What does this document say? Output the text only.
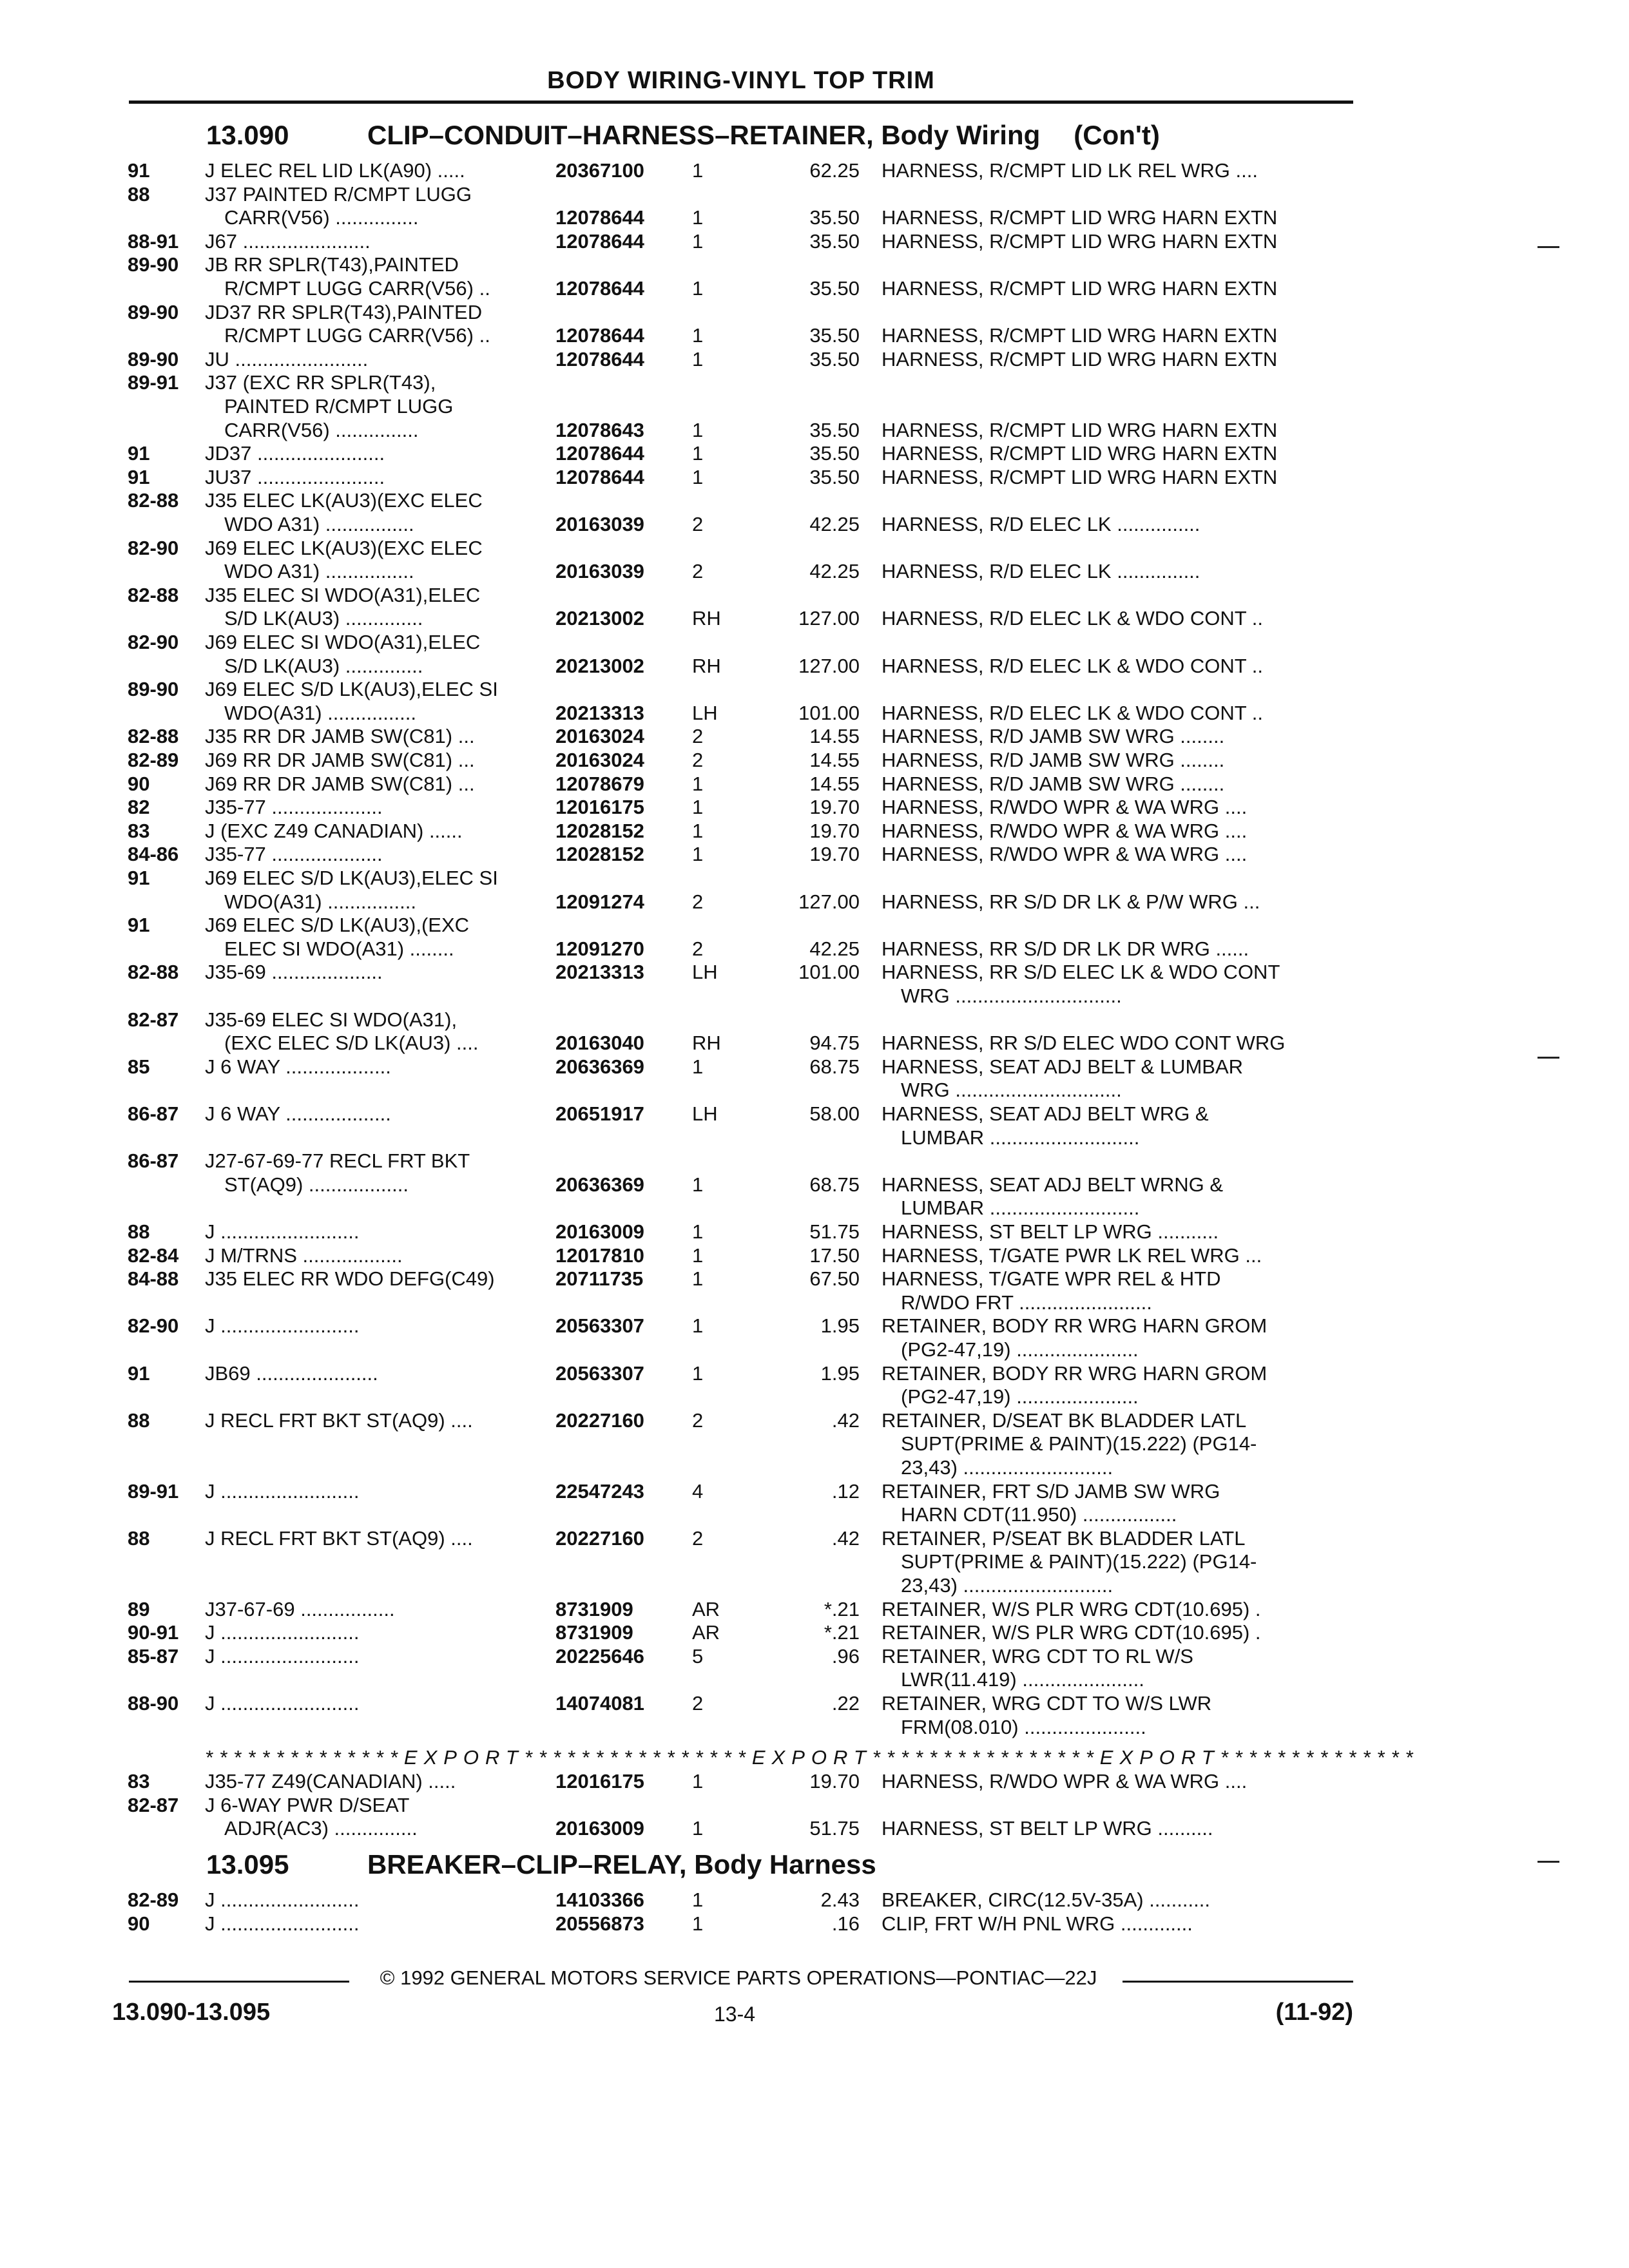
BODY WIRING-VINYL TOP TRIM
13.090	CLIP–CONDUIT–HARNESS–RETAINER, Body Wiring (Con't)
91	J ELEC REL LID LK(A90) .....	20367100	1	62.25 HARNESS, R/CMPT LID LK REL WRG ....
88	J37 PAINTED R/CMPT LUGG
CARR(V56) ...............	12078644	1	35.50 HARNESS, R/CMPT LID WRG HARN EXTN
88-91	J67 .......................	12078644	1	35.50 HARNESS, R/CMPT LID WRG HARN EXTN
89-90	JB RR SPLR(T43),PAINTED
R/CMPT LUGG CARR(V56) ..	12078644	1	35.50 HARNESS, R/CMPT LID WRG HARN EXTN
89-90	JD37 RR SPLR(T43),PAINTED
R/CMPT LUGG CARR(V56) ..	12078644	1	35.50 HARNESS, R/CMPT LID WRG HARN EXTN
89-90	JU ........................	12078644	1	35.50 HARNESS, R/CMPT LID WRG HARN EXTN
89-91	J37 (EXC RR SPLR(T43),
PAINTED R/CMPT LUGG
CARR(V56) ...............	12078643	1	35.50 HARNESS, R/CMPT LID WRG HARN EXTN
91	JD37 .......................	12078644	1	35.50 HARNESS, R/CMPT LID WRG HARN EXTN
91	JU37 .......................	12078644	1	35.50 HARNESS, R/CMPT LID WRG HARN EXTN
82-88	J35 ELEC LK(AU3)(EXC ELEC
WDO A31) ................	20163039	2	42.25 HARNESS, R/D ELEC LK ...............
82-90	J69 ELEC LK(AU3)(EXC ELEC
WDO A31) ................	20163039	2	42.25 HARNESS, R/D ELEC LK ...............
82-88	J35 ELEC SI WDO(A31),ELEC
S/D LK(AU3) ..............	20213002	RH	127.00 HARNESS, R/D ELEC LK & WDO CONT ..
82-90	J69 ELEC SI WDO(A31),ELEC
S/D LK(AU3) ..............	20213002	RH	127.00 HARNESS, R/D ELEC LK & WDO CONT ..
89-90	J69 ELEC S/D LK(AU3),ELEC SI
WDO(A31) ................	20213313	LH	101.00 HARNESS, R/D ELEC LK & WDO CONT ..
82-88	J35 RR DR JAMB SW(C81) ...	20163024	2	14.55 HARNESS, R/D JAMB SW WRG ........
82-89	J69 RR DR JAMB SW(C81) ...	20163024	2	14.55 HARNESS, R/D JAMB SW WRG ........
90	J69 RR DR JAMB SW(C81) ...	12078679	1	14.55 HARNESS, R/D JAMB SW WRG ........
82	J35-77 ....................	12016175	1	19.70 HARNESS, R/WDO WPR & WA WRG ....
83	J (EXC Z49 CANADIAN) ......	12028152	1	19.70 HARNESS, R/WDO WPR & WA WRG ....
84-86	J35-77 ....................	12028152	1	19.70 HARNESS, R/WDO WPR & WA WRG ....
91	J69 ELEC S/D LK(AU3),ELEC SI
WDO(A31) ................	12091274	2	127.00 HARNESS, RR S/D DR LK & P/W WRG ...
91	J69 ELEC S/D LK(AU3),(EXC
ELEC SI WDO(A31) ........	12091270	2	42.25 HARNESS, RR S/D DR LK DR WRG ......
82-88	J35-69 ....................	20213313	LH	101.00 HARNESS, RR S/D ELEC LK & WDO CONT
WRG ..............................
82-87	J35-69 ELEC SI WDO(A31),
(EXC ELEC S/D LK(AU3) ....	20163040	RH	94.75 HARNESS, RR S/D ELEC WDO CONT WRG
85	J 6 WAY ...................	20636369	1	68.75 HARNESS, SEAT ADJ BELT & LUMBAR
WRG ..............................
86-87	J 6 WAY ...................	20651917	LH	58.00 HARNESS, SEAT ADJ BELT WRG &
LUMBAR ...........................
86-87	J27-67-69-77 RECL FRT BKT
ST(AQ9) ..................	20636369	1	68.75 HARNESS, SEAT ADJ BELT WRNG &
LUMBAR ...........................
88	J .........................	20163009	1	51.75 HARNESS, ST BELT LP WRG ...........
82-84	J M/TRNS ..................	12017810	1	17.50 HARNESS, T/GATE PWR LK REL WRG ...
84-88	J35 ELEC RR WDO DEFG(C49)	20711735	1	67.50 HARNESS, T/GATE WPR REL & HTD
R/WDO FRT ........................
82-90	J .........................	20563307	1	1.95 RETAINER, BODY RR WRG HARN GROM
(PG2-47,19) ......................
91	JB69 ......................	20563307	1	1.95 RETAINER, BODY RR WRG HARN GROM
(PG2-47,19) ......................
88	J RECL FRT BKT ST(AQ9) ....	20227160	2	.42 RETAINER, D/SEAT BK BLADDER LATL
SUPT(PRIME & PAINT)(15.222) (PG14-
23,43) ...........................
89-91	J .........................	22547243	4	.12 RETAINER, FRT S/D JAMB SW WRG
HARN CDT(11.950) .................
88	J RECL FRT BKT ST(AQ9) ....	20227160	2	.42 RETAINER, P/SEAT BK BLADDER LATL
SUPT(PRIME & PAINT)(15.222) (PG14-
23,43) ...........................
89	J37-67-69 .................	8731909	AR	*.21 RETAINER, W/S PLR WRG CDT(10.695) .
90-91	J .........................	8731909	AR	*.21 RETAINER, W/S PLR WRG CDT(10.695) .
85-87	J .........................	20225646	5	.96 RETAINER, WRG CDT TO RL W/S
LWR(11.419) ......................
88-90	J .........................	14074081	2	.22 RETAINER, WRG CDT TO W/S LWR
FRM(08.010) ......................
************** EXPORT **************** EXPORT **************** EXPORT **************
83	J35-77 Z49(CANADIAN) .....	12016175	1	19.70 HARNESS, R/WDO WPR & WA WRG ....
82-87	J 6-WAY PWR D/SEAT
ADJR(AC3) ...............	20163009	1	51.75 HARNESS, ST BELT LP WRG ..........
13.095	BREAKER–CLIP–RELAY, Body Harness
82-89	J .........................	14103366	1	2.43 BREAKER, CIRC(12.5V-35A) ...........
90	J .........................	20556873	1	.16 CLIP, FRT W/H PNL WRG .............
© 1992 GENERAL MOTORS SERVICE PARTS OPERATIONS—PONTIAC—22J
13.090-13.095	13-4	(11-92)
